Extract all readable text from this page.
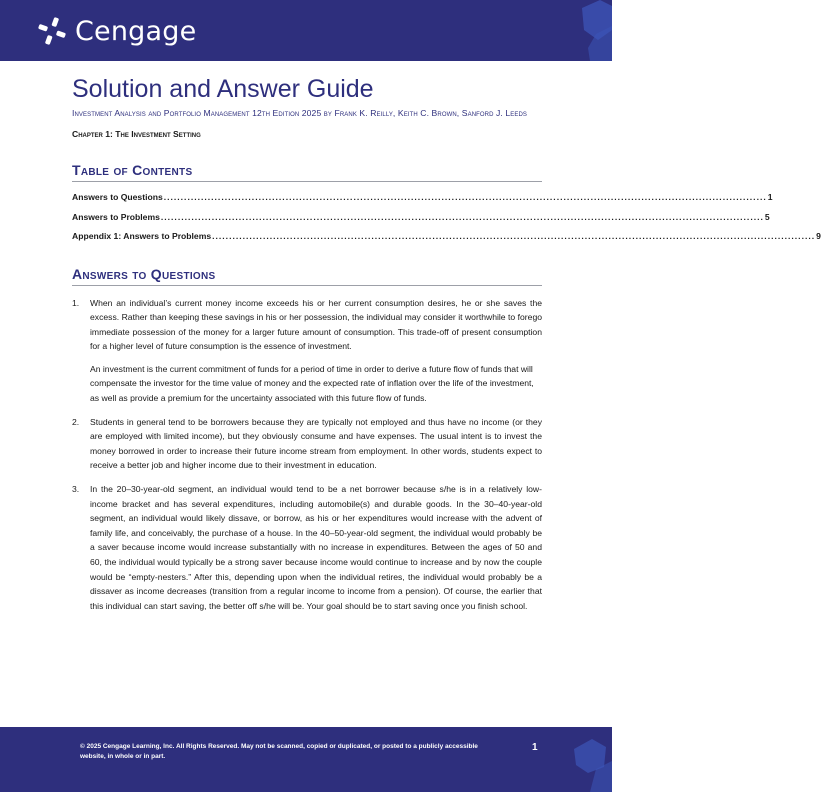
Cengage
Solution and Answer Guide
Investment Analysis and Portfolio Management 12th Edition 2025 by Frank K. Reilly, Keith C. Brown, Sanford J. Leeds
Chapter 1: The Investment Setting
Table of Contents
Answers to Questions .................................................................................................................................................................................. 1
Answers to Problems .................................................................................................................................................................................. 5
Appendix 1: Answers to Problems .................................................................................................................................................................................. 9
Answers to Questions
1.	When an individual’s current money income exceeds his or her current consumption desires, he or she saves the excess. Rather than keeping these savings in his or her possession, the individual may consider it worthwhile to forego immediate possession of the money for a larger future amount of consumption. This trade-off of present consumption for a higher level of future consumption is the essence of investment.

An investment is the current commitment of funds for a period of time in order to derive a future flow of funds that will compensate the investor for the time value of money and the expected rate of inflation over the life of the investment, as well as provide a premium for the uncertainty associated with this future flow of funds.

2.	Students in general tend to be borrowers because they are typically not employed and thus have no income (or they are employed with limited income), but they obviously consume and have expenses. The usual intent is to invest the money borrowed in order to increase their future income stream from employment. In other words, students expect to receive a better job and higher income due to their investment in education.

3.	In the 20–30-year-old segment, an individual would tend to be a net borrower because s/he is in a relatively low-income bracket and has several expenditures, including automobile(s) and durable goods. In the 30–40-year-old segment, an individual would likely dissave, or borrow, as his or her expenditures would increase with the advent of family life, and conceivably, the purchase of a house. In the 40–50-year-old segment, the individual would probably be a saver because income would increase substantially with no increase in expenditures. Between the ages of 50 and 60, the individual would typically be a strong saver because income would continue to increase and by now the couple would be “empty-nesters.” After this, depending upon when the individual retires, the individual would probably be a dissaver as income decreases (transition from a regular income to income from a pension). Of course, the earlier that this individual can start saving, the better off s/he will be. Your goal should be to start saving once you finish school.

© 2025 Cengage Learning, Inc. All Rights Reserved. May not be scanned, copied or duplicated, or posted to a publicly accessible website, in whole or in part.
1
